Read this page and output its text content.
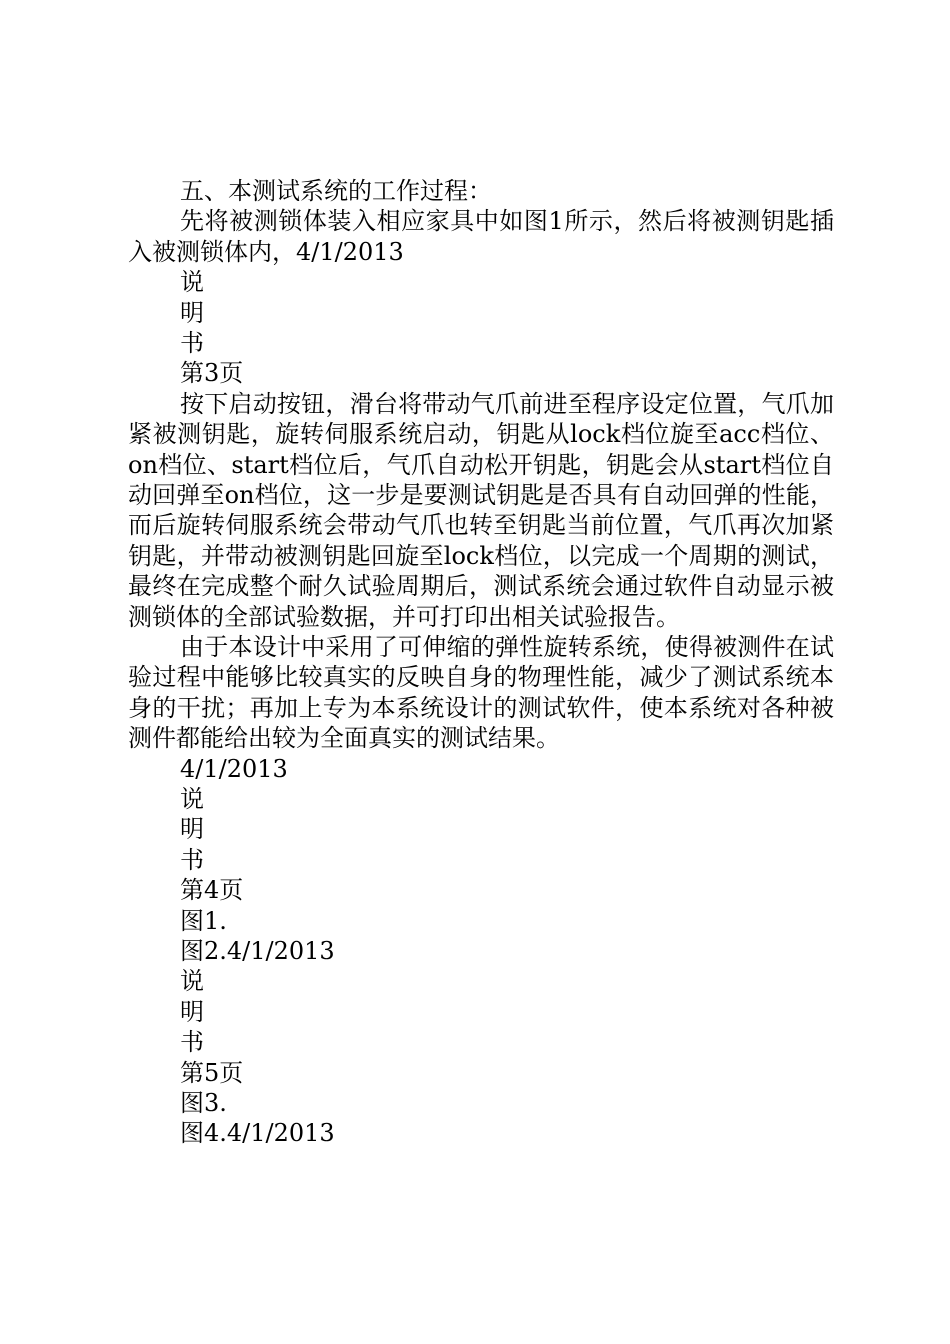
五、本测试系统的工作过程：

先将被测锁体装入相应家具中如图1所示，然后将被测钥匙插入被测锁体内，4/1/2013

说
明
书
第3页

按下启动按钮，滑台将带动气爪前进至程序设定位置，气爪加紧被测钥匙，旋转伺服系统启动，钥匙从lock档位旋至acc档位、on档位、start档位后，气爪自动松开钥匙，钥匙会从start档位自动回弹至on档位，这一步是要测试钥匙是否具有自动回弹的性能，而后旋转伺服系统会带动气爪也转至钥匙当前位置，气爪再次加紧钥匙，并带动被测钥匙回旋至lock档位，以完成一个周期的测试，最终在完成整个耐久试验周期后，测试系统会通过软件自动显示被测锁体的全部试验数据，并可打印出相关试验报告。

由于本设计中采用了可伸缩的弹性旋转系统，使得被测件在试验过程中能够比较真实的反映自身的物理性能，减少了测试系统本身的干扰；再加上专为本系统设计的测试软件，使本系统对各种被测件都能给出较为全面真实的测试结果。

4/1/2013
说
明
书
第4页
图1.
图2.4/1/2013
说
明
书
第5页
图3.
图4.4/1/2013
